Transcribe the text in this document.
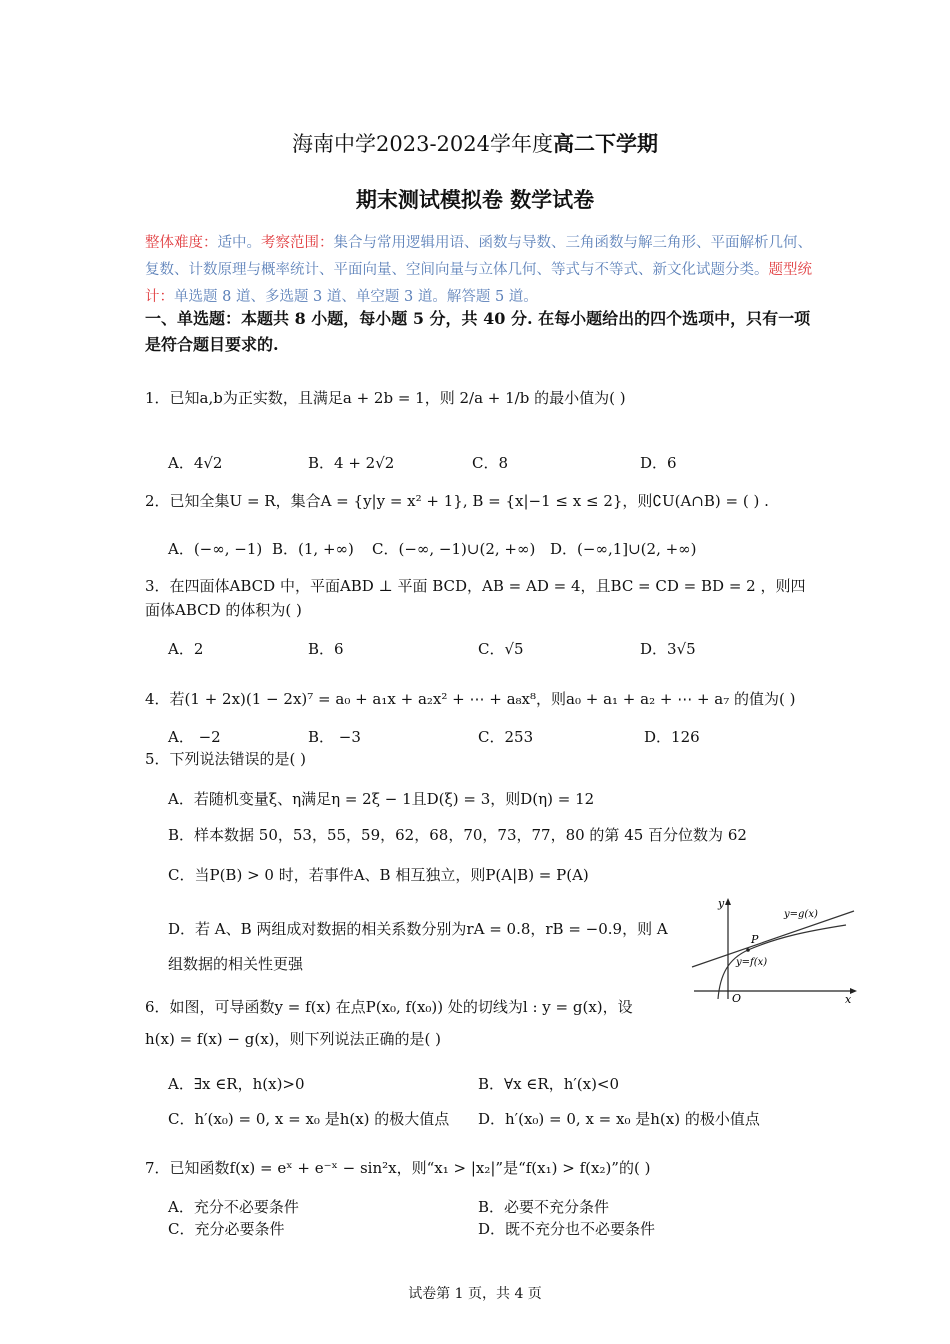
海南中学2023-2024学年度高二下学期
期末测试模拟卷 数学试卷
整体难度：适中。考察范围：集合与常用逻辑用语、函数与导数、三角函数与解三角形、平面解析几何、复数、计数原理与概率统计、平面向量、空间向量与立体几何、等式与不等式、新文化试题分类。题型统计：单选题 8 道、多选题 3 道、单空题 3 道。解答题 5 道。
一、单选题：本题共 8 小题，每小题 5 分，共 40 分. 在每小题给出的四个选项中，只有一项是符合题目要求的.
1．已知a,b为正实数，且满足a + 2b = 1，则 2/a + 1/b 的最小值为( )
A．4√2	B．4 + 2√2	C．8	D．6
2．已知全集U = R，集合A = {y|y = x² + 1}, B = {x|−1 ≤ x ≤ 2}，则∁U(A∩B) = ( ) .
A．(−∞, −1) B．(1, +∞) C．(−∞, −1)∪(2, +∞) D．(−∞,1]∪(2, +∞)
3．在四面体ABCD 中，平面ABD ⊥ 平面 BCD，AB = AD = 4，且BC = CD = BD = 2 ，则四
面体ABCD 的体积为( )
A．2	B．6	C．√5	D．3√5
4．若(1 + 2x)(1 − 2x)⁷ = a₀ + a₁x + a₂x² + ⋯ + a₈x⁸，则a₀ + a₁ + a₂ + ⋯ + a₇ 的值为( )
A． −2	B． −3	C．253	D．126
5．下列说法错误的是( )
A．若随机变量ξ、η满足η = 2ξ − 1且D(ξ) = 3，则D(η) = 12
B．样本数据 50，53，55，59，62，68，70，73，77，80 的第 45 百分位数为 62
C．当P(B) > 0 时，若事件A、B 相互独立，则P(A|B) = P(A)
D．若 A、B 两组成对数据的相关系数分别为rA = 0.8，rB = −0.9，则 A
组数据的相关性更强
y
x
O
P
y=g(x)
y=f(x)
6．如图，可导函数y = f(x) 在点P(x₀, f(x₀)) 处的切线为l : y = g(x)，设
h(x) = f(x) − g(x)，则下列说法正确的是( )
A．∃x ∈R，h(x)>0	B．∀x ∈R，h′(x)<0
C．h′(x₀) = 0, x = x₀ 是h(x) 的极大值点 D．h′(x₀) = 0, x = x₀ 是h(x) 的极小值点
7．已知函数f(x) = eˣ + e⁻ˣ − sin²x，则“x₁ > |x₂|”是“f(x₁) > f(x₂)”的( )
A．充分不必要条件	B．必要不充分条件
C．充分必要条件	D．既不充分也不必要条件
试卷第 1 页，共 4 页
